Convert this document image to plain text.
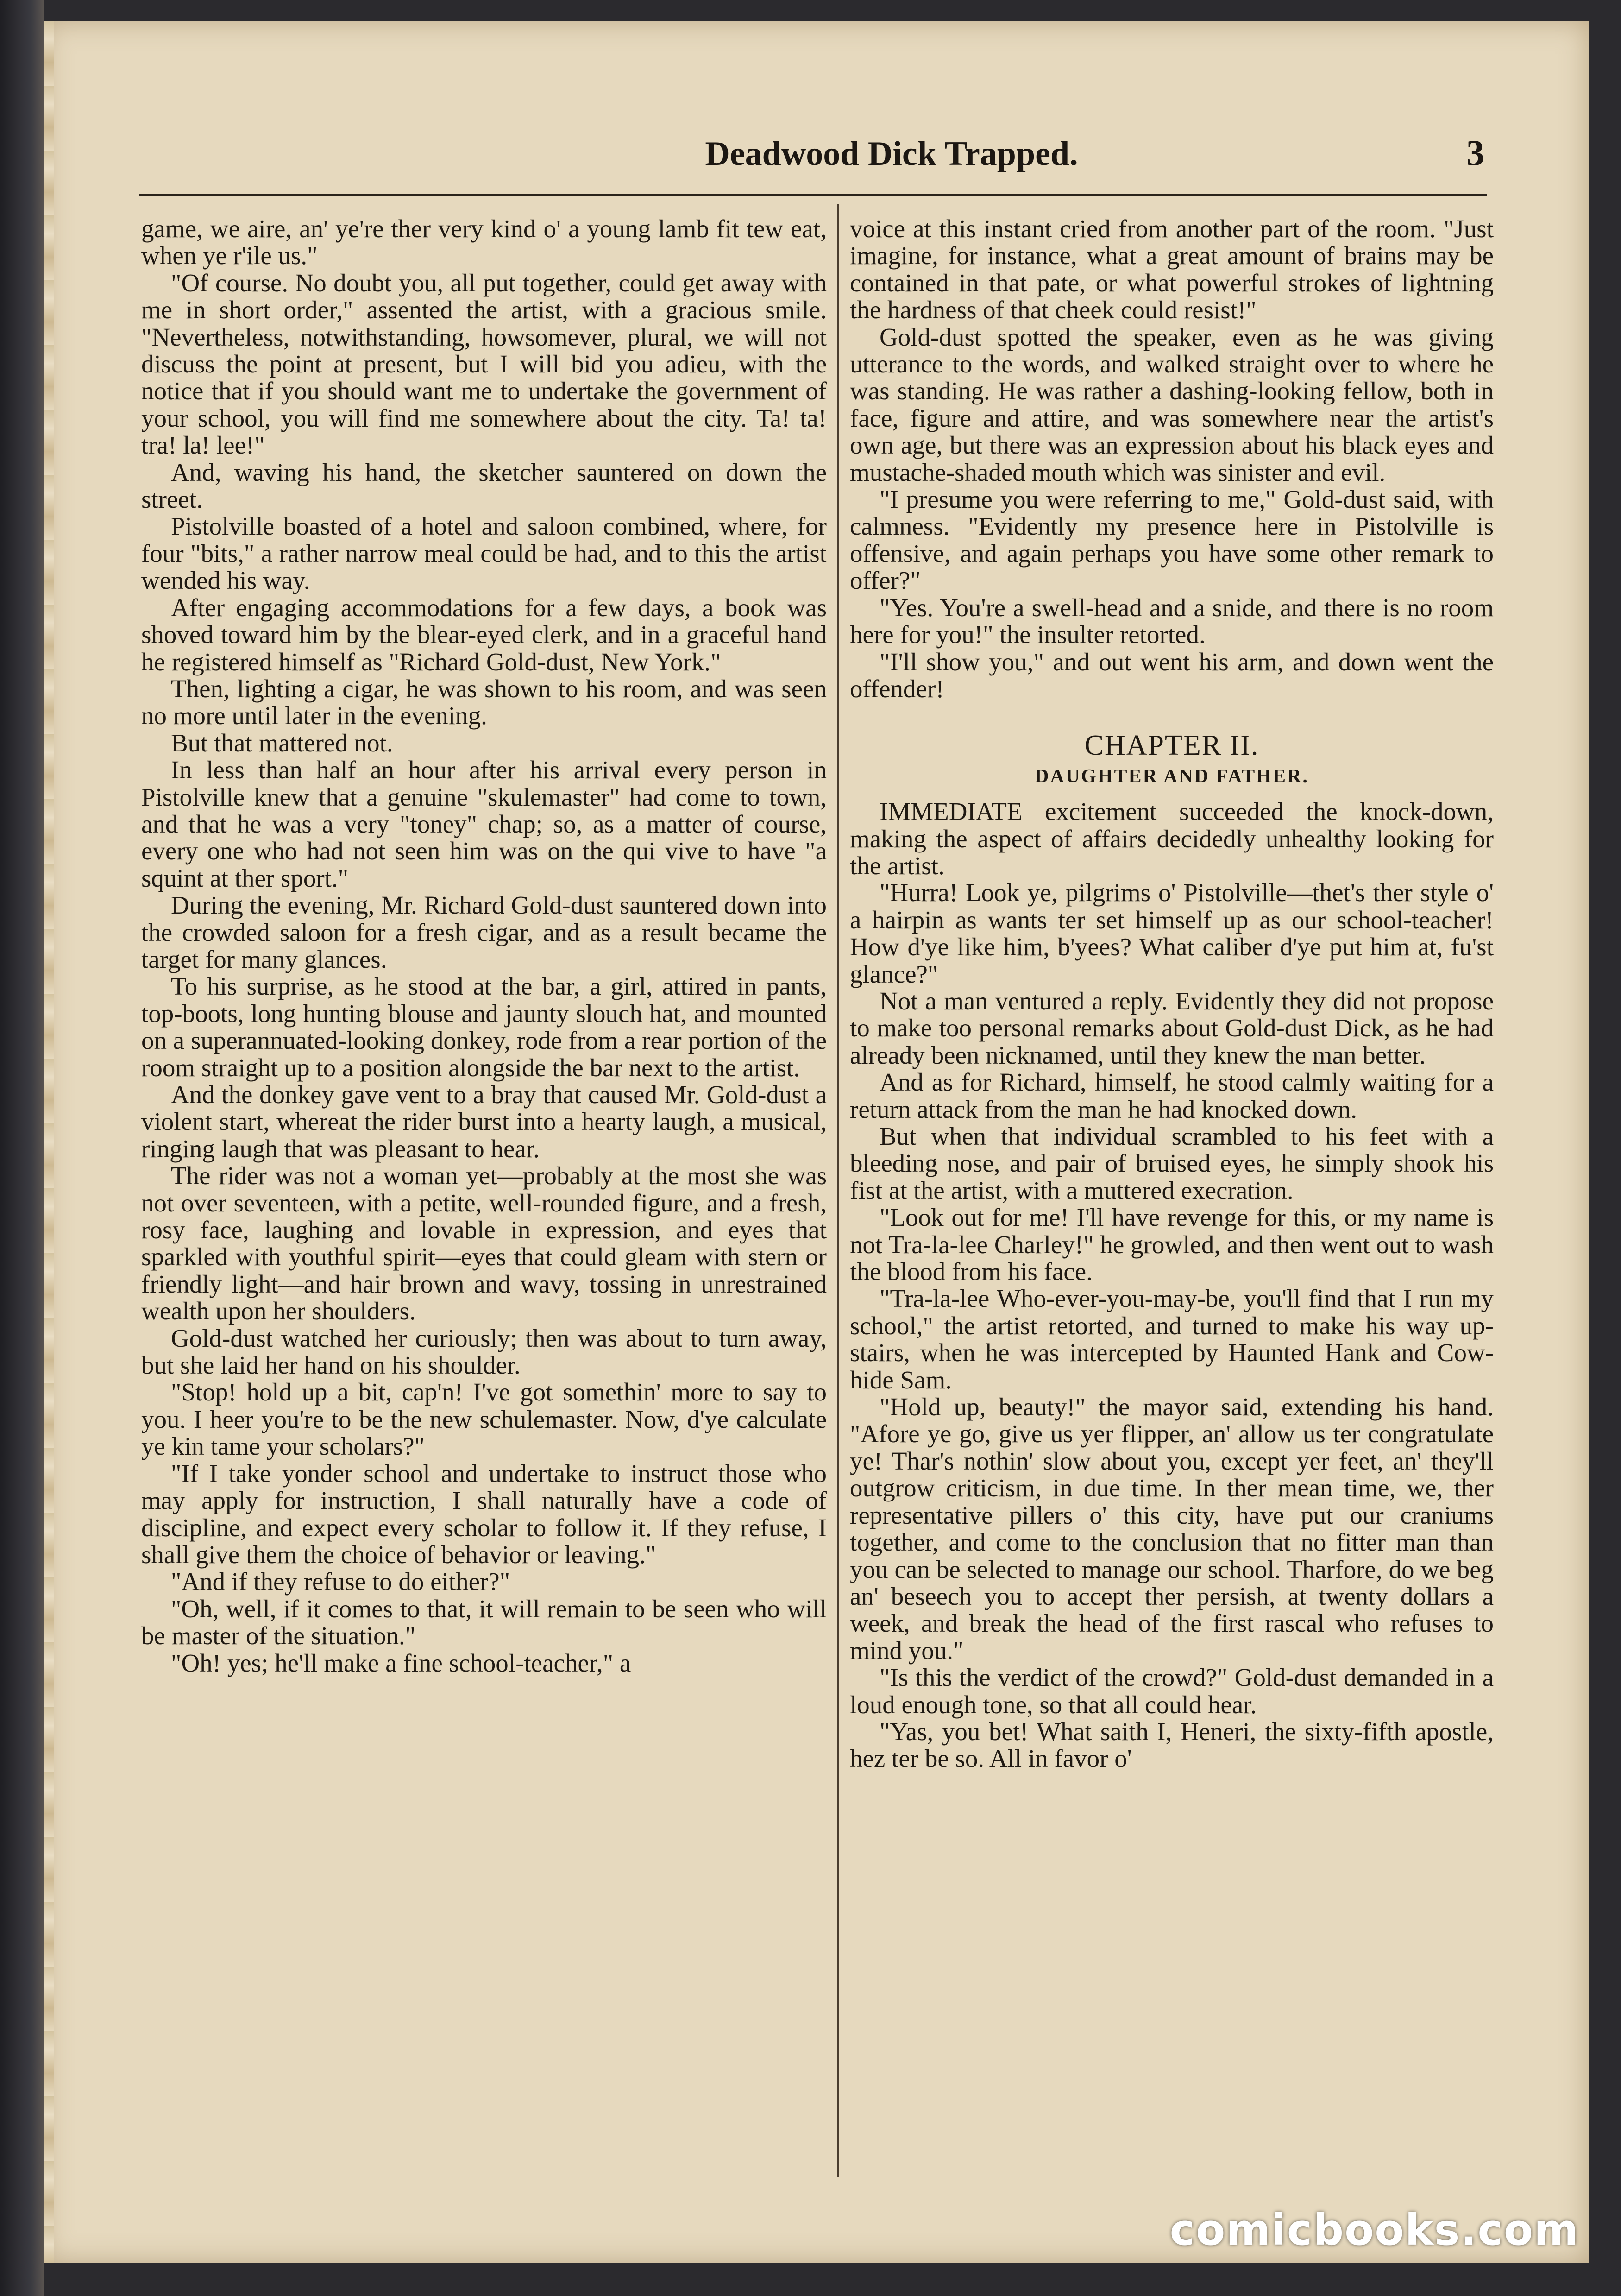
Deadwood Dick Trapped.	3

game, we aire, an' ye're ther very kind o' a young lamb fit tew eat, when ye r'ile us."

"Of course. No doubt you, all put together, could get away with me in short order," assented the artist, with a gracious smile. "Nevertheless, notwithstanding, howsomever, plural, we will not discuss the point at present, but I will bid you adieu, with the notice that if you should want me to undertake the government of your school, you will find me somewhere about the city. Ta! ta! tra! la! lee!"

And, waving his hand, the sketcher sauntered on down the street.

Pistolville boasted of a hotel and saloon combined, where, for four "bits," a rather narrow meal could be had, and to this the artist wended his way.

After engaging accommodations for a few days, a book was shoved toward him by the blear-eyed clerk, and in a graceful hand he registered himself as "Richard Gold-dust, New York."

Then, lighting a cigar, he was shown to his room, and was seen no more until later in the evening.

But that mattered not.

In less than half an hour after his arrival every person in Pistolville knew that a genuine "skulemaster" had come to town, and that he was a very "toney" chap; so, as a matter of course, every one who had not seen him was on the qui vive to have "a squint at ther sport."

During the evening, Mr. Richard Gold-dust sauntered down into the crowded saloon for a fresh cigar, and as a result became the target for many glances.

To his surprise, as he stood at the bar, a girl, attired in pants, top-boots, long hunting blouse and jaunty slouch hat, and mounted on a superannuated-looking donkey, rode from a rear portion of the room straight up to a position alongside the bar next to the artist.

And the donkey gave vent to a bray that caused Mr. Gold-dust a violent start, whereat the rider burst into a hearty laugh, a musical, ringing laugh that was pleasant to hear.

The rider was not a woman yet—probably at the most she was not over seventeen, with a petite, well-rounded figure, and a fresh, rosy face, laughing and lovable in expression, and eyes that sparkled with youthful spirit—eyes that could gleam with stern or friendly light—and hair brown and wavy, tossing in unrestrained wealth upon her shoulders.

Gold-dust watched her curiously; then was about to turn away, but she laid her hand on his shoulder.

"Stop! hold up a bit, cap'n! I've got somethin' more to say to you. I heer you're to be the new schulemaster. Now, d'ye calculate ye kin tame your scholars?"

"If I take yonder school and undertake to instruct those who may apply for instruction, I shall naturally have a code of discipline, and expect every scholar to follow it. If they refuse, I shall give them the choice of behavior or leaving."

"And if they refuse to do either?"

"Oh, well, if it comes to that, it will remain to be seen who will be master of the situation."

"Oh! yes; he'll make a fine school-teacher," a

voice at this instant cried from another part of the room. "Just imagine, for instance, what a great amount of brains may be contained in that pate, or what powerful strokes of lightning the hardness of that cheek could resist!"

Gold-dust spotted the speaker, even as he was giving utterance to the words, and walked straight over to where he was standing. He was rather a dashing-looking fellow, both in face, figure and attire, and was somewhere near the artist's own age, but there was an expression about his black eyes and mustache-shaded mouth which was sinister and evil.

"I presume you were referring to me," Gold-dust said, with calmness. "Evidently my presence here in Pistolville is offensive, and again perhaps you have some other remark to offer?"

"Yes. You're a swell-head and a snide, and there is no room here for you!" the insulter retorted.

"I'll show you," and out went his arm, and down went the offender!

CHAPTER II.
DAUGHTER AND FATHER.

IMMEDIATE excitement succeeded the knock-down, making the aspect of affairs decidedly unhealthy looking for the artist.

"Hurra! Look ye, pilgrims o' Pistolville—thet's ther style o' a hairpin as wants ter set himself up as our school-teacher! How d'ye like him, b'yees? What caliber d'ye put him at, fu'st glance?"

Not a man ventured a reply. Evidently they did not propose to make too personal remarks about Gold-dust Dick, as he had already been nicknamed, until they knew the man better.

And as for Richard, himself, he stood calmly waiting for a return attack from the man he had knocked down.

But when that individual scrambled to his feet with a bleeding nose, and pair of bruised eyes, he simply shook his fist at the artist, with a muttered execration.

"Look out for me! I'll have revenge for this, or my name is not Tra-la-lee Charley!" he growled, and then went out to wash the blood from his face.

"Tra-la-lee Who-ever-you-may-be, you'll find that I run my school," the artist retorted, and turned to make his way up-stairs, when he was intercepted by Haunted Hank and Cow-hide Sam.

"Hold up, beauty!" the mayor said, extending his hand. "Afore ye go, give us yer flipper, an' allow us ter congratulate ye! Thar's nothin' slow about you, except yer feet, an' they'll outgrow criticism, in due time. In ther mean time, we, ther representative pillers o' this city, have put our craniums together, and come to the conclusion that no fitter man than you can be selected to manage our school. Tharfore, do we beg an' beseech you to accept ther persish, at twenty dollars a week, and break the head of the first rascal who refuses to mind you."

"Is this the verdict of the crowd?" Gold-dust demanded in a loud enough tone, so that all could hear.

"Yas, you bet! What saith I, Heneri, the sixty-fifth apostle, hez ter be so. All in favor o'

comicbooks.com
